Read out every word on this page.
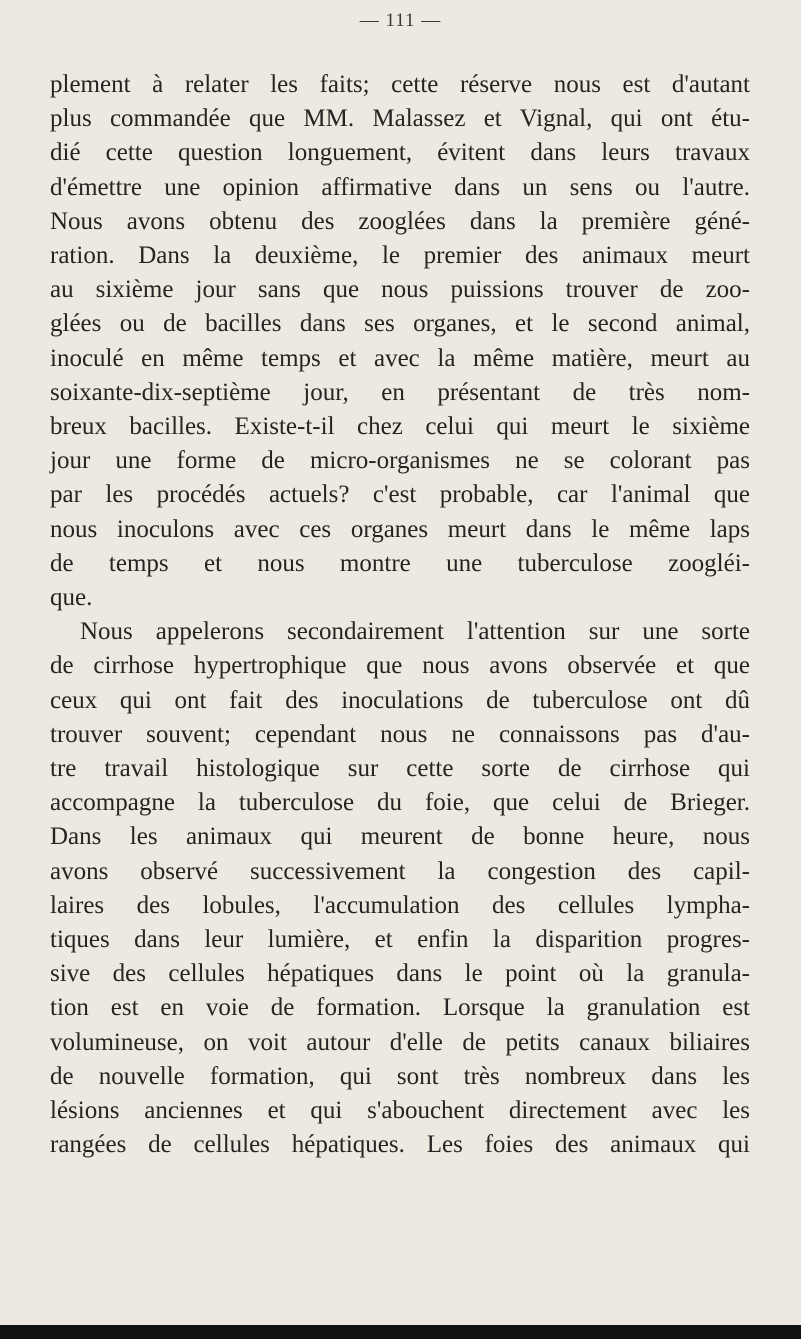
— 111 —
plement à relater les faits; cette réserve nous est d'autant
plus commandée que MM. Malassez et Vignal, qui ont étu-
dié cette question longuement, évitent dans leurs travaux
d'émettre une opinion affirmative dans un sens ou l'autre.
Nous avons obtenu des zooglées dans la première géné-
ration. Dans la deuxième, le premier des animaux meurt
au sixième jour sans que nous puissions trouver de zoo-
glées ou de bacilles dans ses organes, et le second animal,
inoculé en même temps et avec la même matière, meurt au
soixante-dix-septième jour, en présentant de très nom-
breux bacilles. Existe-t-il chez celui qui meurt le sixième
jour une forme de micro-organismes ne se colorant pas
par les procédés actuels? c'est probable, car l'animal que
nous inoculons avec ces organes meurt dans le même laps
de temps et nous montre une tuberculose zoogléi-
que.
Nous appelerons secondairement l'attention sur une sorte
de cirrhose hypertrophique que nous avons observée et que
ceux qui ont fait des inoculations de tuberculose ont dû
trouver souvent; cependant nous ne connaissons pas d'au-
tre travail histologique sur cette sorte de cirrhose qui
accompagne la tuberculose du foie, que celui de Brieger.
Dans les animaux qui meurent de bonne heure, nous
avons observé successivement la congestion des capil-
laires des lobules, l'accumulation des cellules lympha-
tiques dans leur lumière, et enfin la disparition progres-
sive des cellules hépatiques dans le point où la granula-
tion est en voie de formation. Lorsque la granulation est
volumineuse, on voit autour d'elle de petits canaux biliaires
de nouvelle formation, qui sont très nombreux dans les
lésions anciennes et qui s'abouchent directement avec les
rangées de cellules hépatiques. Les foies des animaux qui
